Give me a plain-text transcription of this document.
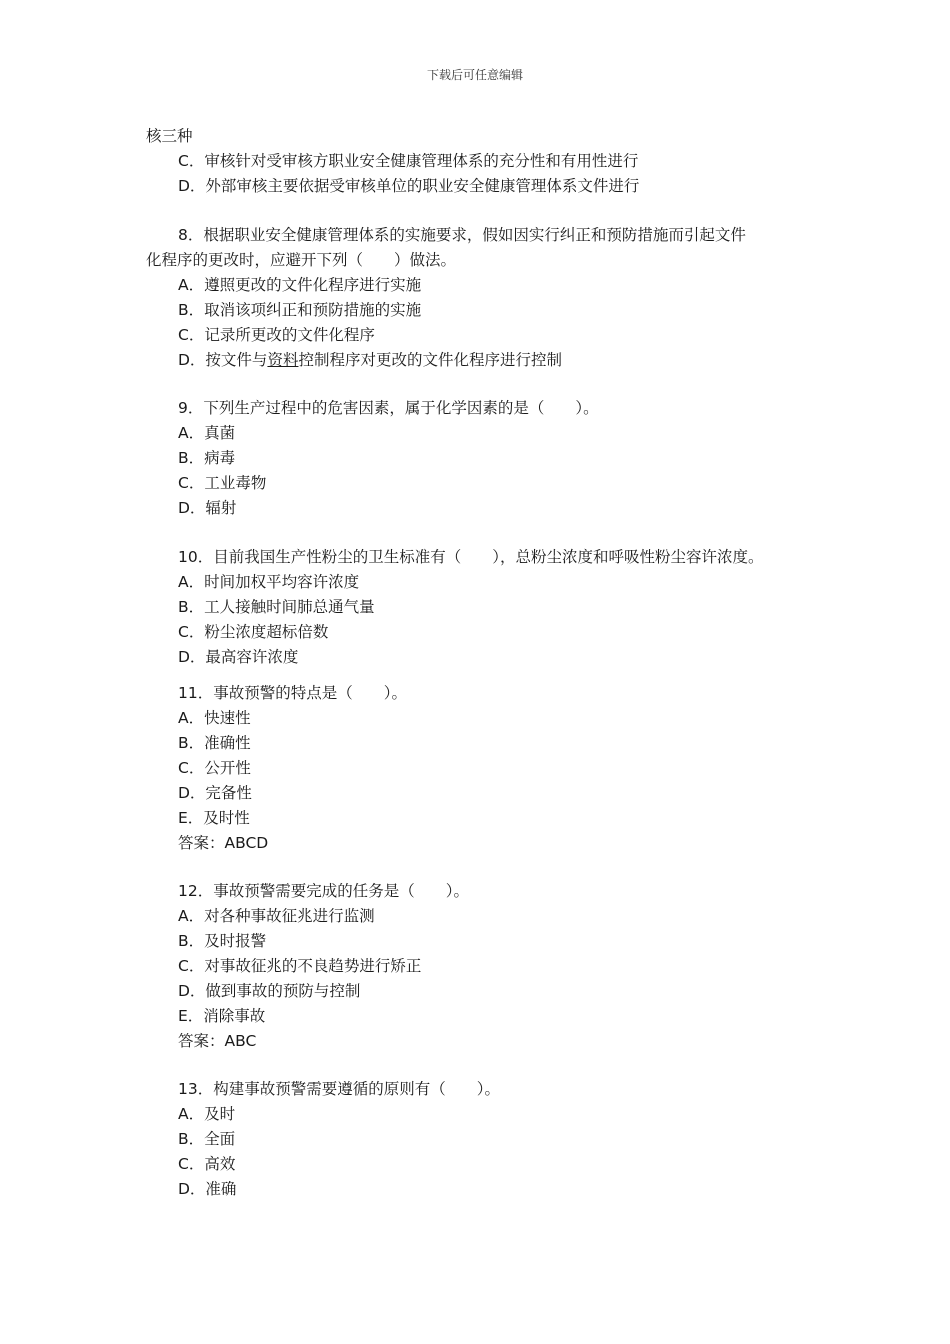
下载后可任意编辑
核三种
C．审核针对受审核方职业安全健康管理体系的充分性和有用性进行
D．外部审核主要依据受审核单位的职业安全健康管理体系文件进行
8．根据职业安全健康管理体系的实施要求，假如因实行纠正和预防措施而引起文件
化程序的更改时，应避开下列（　　）做法。
A．遵照更改的文件化程序进行实施
B．取消该项纠正和预防措施的实施
C．记录所更改的文件化程序
D．按文件与资料控制程序对更改的文件化程序进行控制
9．下列生产过程中的危害因素，属于化学因素的是（　　）。
A．真菌
B．病毒
C．工业毒物
D．辐射
10．目前我国生产性粉尘的卫生标准有（　　），总粉尘浓度和呼吸性粉尘容许浓度。
A．时间加权平均容许浓度
B．工人接触时间肺总通气量
C．粉尘浓度超标倍数
D．最高容许浓度
11．事故预警的特点是（　　）。
A．快速性
B．准确性
C．公开性
D．完备性
E．及时性
答案：ABCD
12．事故预警需要完成的任务是（　　）。
A．对各种事故征兆进行监测
B．及时报警
C．对事故征兆的不良趋势进行矫正
D．做到事故的预防与控制
E．消除事故
答案：ABC
13．构建事故预警需要遵循的原则有（　　）。
A．及时
B．全面
C．高效
D．准确
